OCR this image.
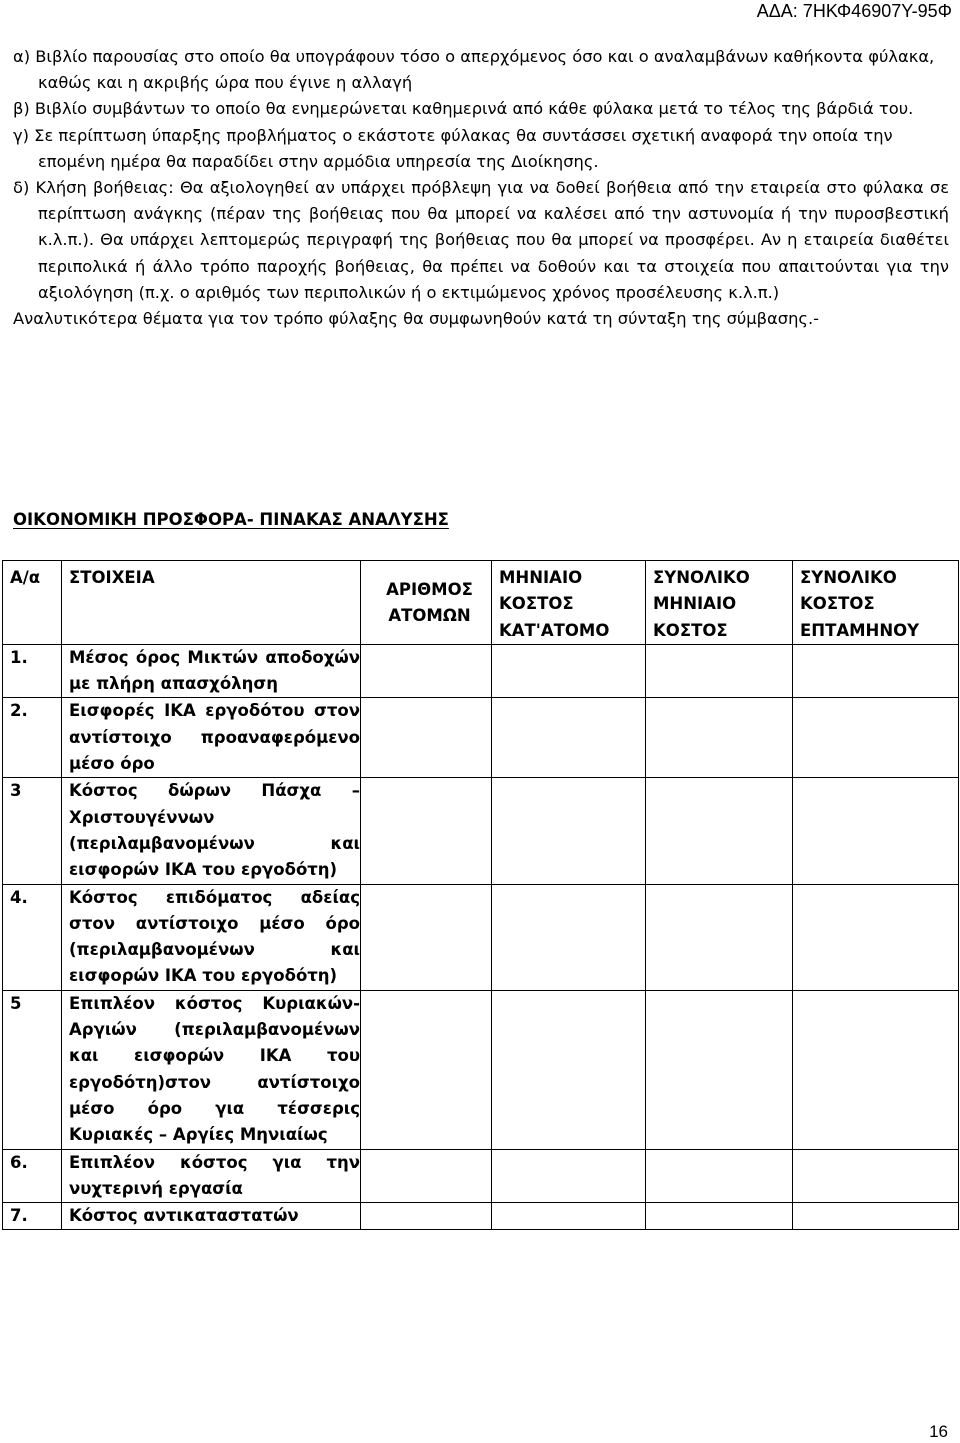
ΑΔΑ: 7ΗΚΦ46907Υ-95Φ
α) Βιβλίο παρουσίας στο οποίο θα υπογράφουν τόσο ο απερχόμενος όσο και ο αναλαμβάνων καθήκοντα φύλακα, καθώς και η ακριβής ώρα που έγινε η αλλαγή
β) Βιβλίο συμβάντων το οποίο θα ενημερώνεται καθημερινά από κάθε φύλακα μετά το τέλος της βάρδιά του.
γ) Σε περίπτωση ύπαρξης προβλήματος ο εκάστοτε φύλακας θα συντάσσει σχετική αναφορά την οποία την επομένη ημέρα θα παραδίδει στην αρμόδια υπηρεσία της Διοίκησης.
δ) Κλήση βοήθειας: Θα αξιολογηθεί αν υπάρχει πρόβλεψη για να δοθεί βοήθεια από την εταιρεία στο φύλακα σε περίπτωση ανάγκης (πέραν της βοήθειας που θα μπορεί να καλέσει από την αστυνομία ή την πυροσβεστική κ.λ.π.). Θα υπάρχει λεπτομερώς περιγραφή της βοήθειας που θα μπορεί να προσφέρει. Αν η εταιρεία διαθέτει περιπολικά ή άλλο τρόπο παροχής βοήθειας, θα πρέπει να δοθούν και τα στοιχεία που απαιτούνται για την αξιολόγηση (π.χ. ο αριθμός των περιπολικών ή ο εκτιμώμενος χρόνος προσέλευσης κ.λ.π.)
Αναλυτικότερα θέματα για τον τρόπο φύλαξης θα συμφωνηθούν κατά τη σύνταξη της σύμβασης.-
ΟΙΚΟΝΟΜΙΚΗ ΠΡΟΣΦΟΡΑ- ΠΙΝΑΚΑΣ ΑΝΑΛΥΣΗΣ
Α/α	ΣΤΟΙΧΕΙΑ	ΑΡΙΘΜΟΣ ΑΤΟΜΩΝ	ΜΗΝΙΑΙΟ ΚΟΣΤΟΣ ΚΑΤ'ΑΤΟΜΟ	ΣΥΝΟΛΙΚΟ ΜΗΝΙΑΙΟ ΚΟΣΤΟΣ	ΣΥΝΟΛΙΚΟ ΚΟΣΤΟΣ ΕΠΤΑΜΗΝΟΥ
1.	Μέσος όρος Μικτών αποδοχών με πλήρη απασχόληση				
2.	Εισφορές ΙΚΑ εργοδότου στον αντίστοιχο προαναφερόμενο μέσο όρο				
3	Κόστος δώρων Πάσχα – Χριστουγέννων (περιλαμβανομένων και εισφορών ΙΚΑ του εργοδότη)				
4.	Κόστος επιδόματος αδείας στον αντίστοιχο μέσο όρο (περιλαμβανομένων και εισφορών ΙΚΑ του εργοδότη)				
5	Επιπλέον κόστος Κυριακών-Αργιών (περιλαμβανομένων και εισφορών ΙΚΑ του εργοδότη)στον αντίστοιχο μέσο όρο για τέσσερις Κυριακές – Αργίες Μηνιαίως				
6.	Επιπλέον κόστος για την νυχτερινή εργασία				
7.	Κόστος αντικαταστατών				
16
